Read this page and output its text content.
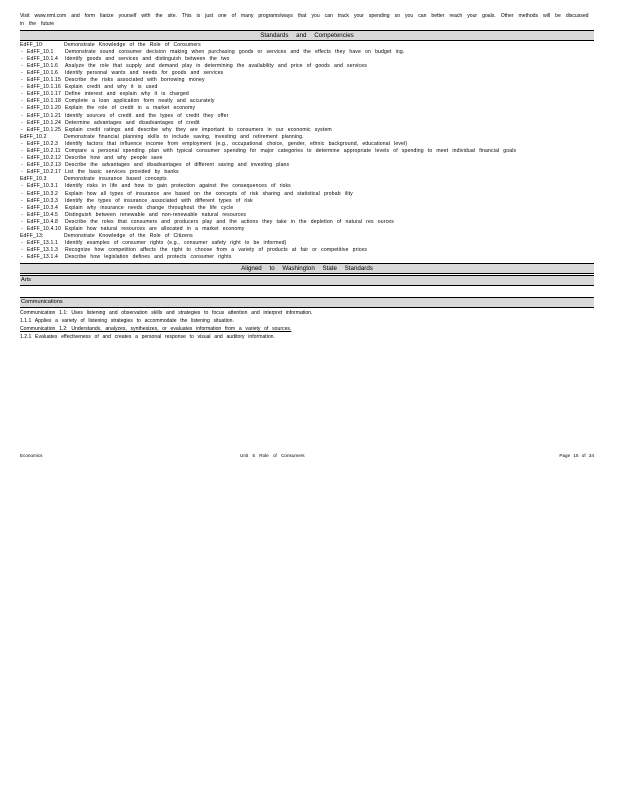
Visit www.nmt.com and form Iiarize yourself with the site. This is just one of many programs/ways that you can track your spending so you can better reach your goals. Other methods will be discussed in the future
Standards and Competencies
EdFF_10:	Demonstrate Knowledge of the Role of Consumers
- EdFF_10.1 Demonstrate sound consumer decision making when purchasing goods or services and the effects they have on budget ing.
- EdFF_10.1.4 Identify goods and services and distinguish between the two
- EdFF_10.1.6 Analyze the role that supply and demand play in determining the availability and price of goods and services
- EdFF_10.1.6 Identify personal wants and needs for goods and services
- EdFF_10.1.15 Describe the risks associated with borrowing money
- EdFF_10.1.16 Explain credit and why it is used
- EdFF_10.1.17 Define interest and explain why it is charged
- EdFF_10.1.18 Complete a loan application form neatly and accurately
- EdFF_10.1.20 Explain the role of credit in a market economy
- EdFF_10.1.21 Identify sources of credit and the types of credit they offer
- EdFF_10.1.24 Determine advantages and disadvantages of credit
- EdFF_10.1.25 Explain credit ratings and describe why they are important to consumers in our economic system
EdFF_10.2	Demonstrate financial planning skills to include saving, investing and retirement planning.
- EdFF_10.2.3 Identify factors that influence income from employment (e.g., occupational choice, gender, ethnic background, educational level)
- EdFF_10.2.11 Compare a personal spending plan with typical consumer spending for major categories to determine appropriate levels of spending to meet individual financial goals
- EdFF_10.2.12 Describe how and why people save
- EdFF_10.2.13 Describe the advantages and disadvantages of different saving and investing plans
- EdFF_10.2.17 List the basic services provided by banks
EdFF_10.3	Demonstrate insurance based concepts
- EdFF_10.3.1 Identify risks in life and how to gain protection against the consequences of risks
- EdFF_10.3.2 Explain how all types of insurance are based on the concepts of risk sharing and statistical probab ility
- EdFF_10.3.3 Identify the types of insurance associated with different types of risk
- EdFF_10.3.4 Explain why insurance needs change throughout the life cycle
- EdFF_10.4.5 Distinguish between renewable and non-renewable natural resources
- EdFF_10.4.8 Describe the roles that consumers and producers play and the actions they take in the depletion of natural res ources
- EdFF_10.4.10 Explain how natural resources are allocated in a market economy
EdFF_13:	Demonstrate Knowledge of the Role of Citizens
- EdFF_13.1.1 Identify examples of consumer rights (e.g., consumer safety right to be informed)
- EdFF_13.1.3 Recognize how competition affects the right to choose from a variety of products at fair or competitive prices
- EdFF_13.1.4 Describe how legislation defines and protects consumer rights
Aligned to Washington State Standards
Arts
Communications
Communication 1.1: Uses listening and observation skills and strategies to focus attention and interpret information.
1.1.1 Applies a variety of listening strategies to accommodate the listening situation.
Communication 1.2: Understands, analyzes, synthesizes, or evaluates information from a variety of sources.
1.2.1 Evaluates effectiveness of and creates a personal response to visual and auditory information.
Economics	Unit 5 Role of Consumers	Page 15 of 34
